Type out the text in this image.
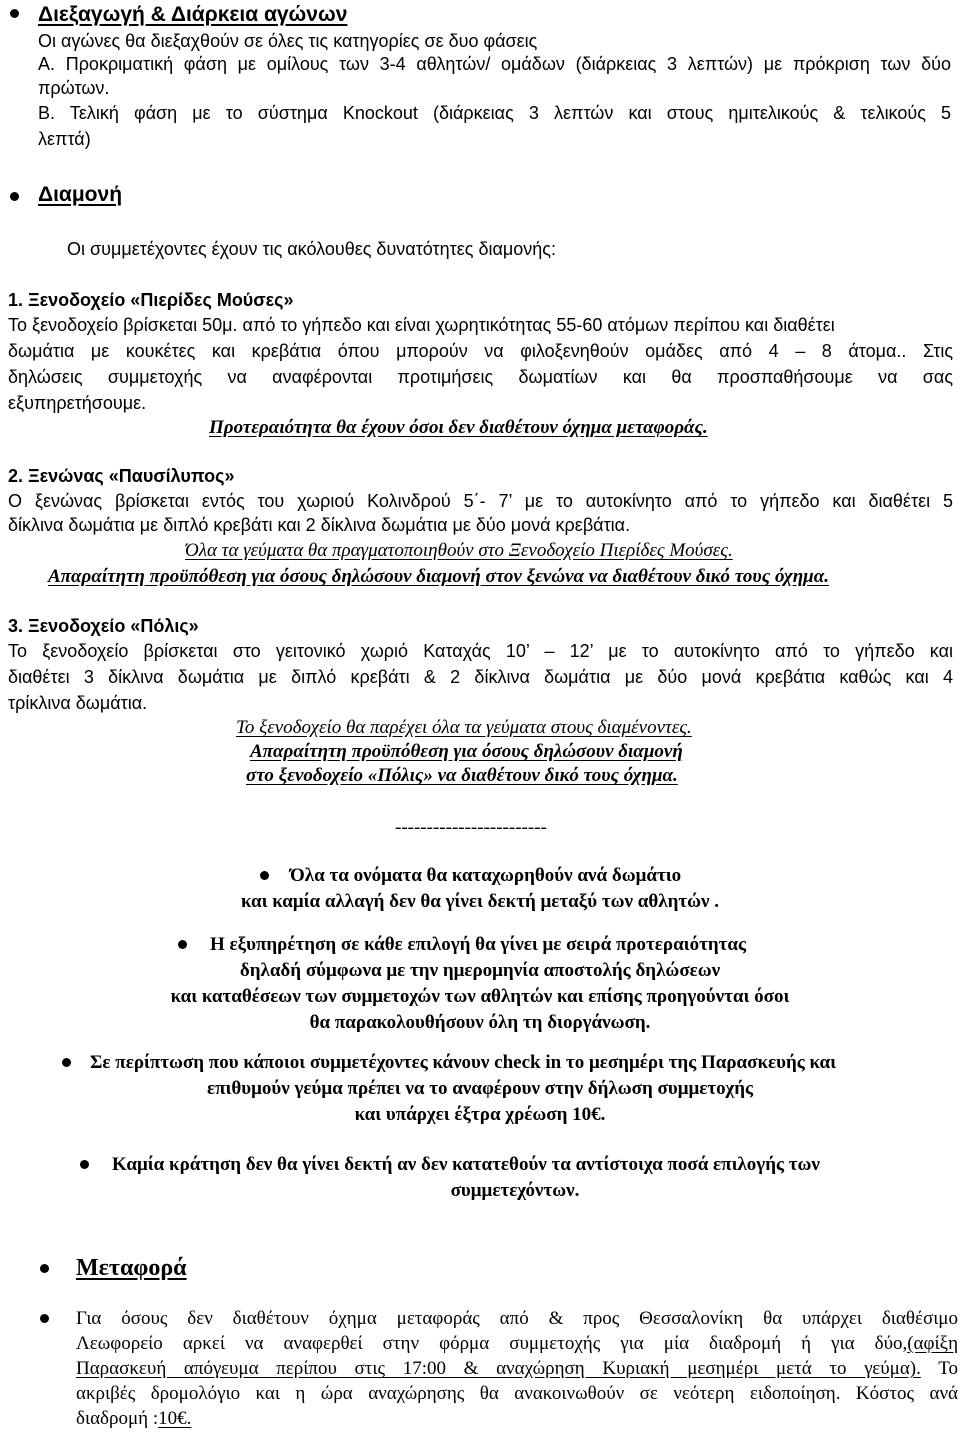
Διεξαγωγή & Διάρκεια αγώνων
Οι αγώνες θα διεξαχθούν σε όλες τις κατηγορίες σε δυο φάσεις
Α. Προκριματική φάση με ομίλους των 3-4 αθλητών/ ομάδων (διάρκειας 3 λεπτών) με πρόκριση των δύο
πρώτων.
Β. Τελική φάση με το σύστημα Knockout (διάρκειας 3 λεπτών και στους ημιτελικούς & τελικούς 5
λεπτά)
Διαμονή
Οι συμμετέχοντες έχουν τις ακόλουθες δυνατότητες διαμονής:
1. Ξενοδοχείο «Πιερίδες Μούσες»
Το ξενοδοχείο βρίσκεται 50μ. από το γήπεδο και είναι χωρητικότητας 55-60 ατόμων περίπου και διαθέτει
δωμάτια με κουκέτες και κρεβάτια όπου μπορούν να φιλοξενηθούν ομάδες από 4 – 8 άτομα.. Στις
δηλώσεις συμμετοχής να αναφέρονται προτιμήσεις δωματίων και θα προσπαθήσουμε να σας
εξυπηρετήσουμε.
Προτεραιότητα θα έχουν όσοι δεν διαθέτουν όχημα μεταφοράς.
2. Ξενώνας «Παυσίλυπος»
Ο ξενώνας βρίσκεται εντός του χωριού Κολινδρού 5΄- 7’ με το αυτοκίνητο από το γήπεδο και διαθέτει 5
δίκλινα δωμάτια με διπλό κρεβάτι και 2 δίκλινα δωμάτια με δύο μονά κρεβάτια.
Όλα τα γεύματα θα πραγματοποιηθούν στο Ξενοδοχείο Πιερίδες Μούσες.
Απαραίτητη προϋπόθεση για όσους δηλώσουν διαμονή στον ξενώνα να διαθέτουν δικό τους όχημα.
3. Ξενοδοχείο «Πόλις»
Το ξενοδοχείο βρίσκεται στο γειτονικό χωριό Καταχάς 10’ – 12’ με το αυτοκίνητο από το γήπεδο και
διαθέτει 3 δίκλινα δωμάτια με διπλό κρεβάτι & 2 δίκλινα δωμάτια με δύο μονά κρεβάτια καθώς και 4
τρίκλινα δωμάτια.
Το ξενοδοχείο θα παρέχει όλα τα γεύματα στους διαμένοντες.
Απαραίτητη προϋπόθεση για όσους δηλώσουν διαμονή
στο ξενοδοχείο «Πόλις» να διαθέτουν δικό τους όχημα.
------------------------
Όλα τα ονόματα θα καταχωρηθούν ανά δωμάτιο
και καμία αλλαγή δεν θα γίνει δεκτή μεταξύ των αθλητών .
Η εξυπηρέτηση σε κάθε επιλογή θα γίνει με σειρά προτεραιότητας
δηλαδή σύμφωνα με την ημερομηνία αποστολής δηλώσεων
και καταθέσεων των συμμετοχών των αθλητών και επίσης προηγούνται όσοι
θα παρακολουθήσουν όλη τη διοργάνωση.
Σε περίπτωση που κάποιοι συμμετέχοντες κάνουν check in το μεσημέρι της Παρασκευής και
επιθυμούν γεύμα πρέπει να το αναφέρουν στην δήλωση συμμετοχής
και υπάρχει έξτρα χρέωση 10€.
Καμία κράτηση δεν θα γίνει δεκτή αν δεν κατατεθούν τα αντίστοιχα ποσά επιλογής των
συμμετεχόντων.
Μεταφορά
Για όσους δεν διαθέτουν όχημα μεταφοράς από & προς Θεσσαλονίκη θα υπάρχει διαθέσιμο
Λεωφορείο αρκεί να αναφερθεί στην φόρμα συμμετοχής για μία διαδρομή ή για δύο,(αφίξη
Παρασκευή απόγευμα περίπου στις 17:00 & αναχώρηση Κυριακή μεσημέρι μετά το γεύμα). Το
ακριβές δρομολόγιο και η ώρα αναχώρησης θα ανακοινωθούν σε νεότερη ειδοποίηση. Κόστος ανά
διαδρομή :10€.
